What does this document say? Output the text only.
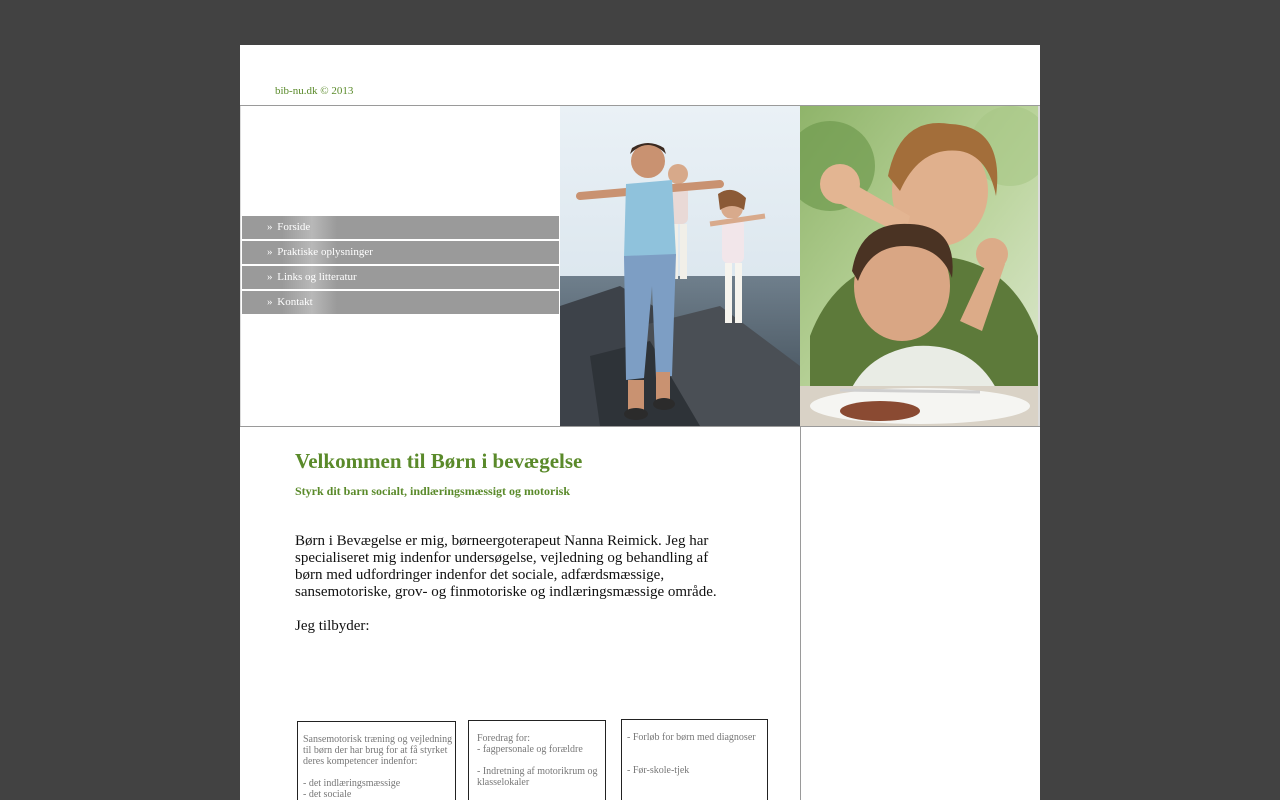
bib-nu.dk © 2013
» Forside
» Praktiske oplysninger
» Links og litteratur
» Kontakt
Velkommen til Børn i bevægelse
Styrk dit barn socialt, indlæringsmæssigt og motorisk
Børn i Bevægelse er mig, børneergoterapeut Nanna Reimick. Jeg har specialiseret mig indenfor undersøgelse, vejledning og behandling af børn med udfordringer indenfor det sociale, adfærdsmæssige, sansemotoriske, grov- og finmotoriske og indlæringsmæssige område.
Jeg tilbyder:

Sansemotorisk træning og vejledning til børn der har brug for at få styrket deres kompetencer indenfor:

- det indlæringsmæssige
- det sociale

Foredrag for:
- fagpersonale og forældre

- Indretning af motorikrum og
klasselokaler

- Forløb for børn med diagnoser

- Før-skole-tjek
